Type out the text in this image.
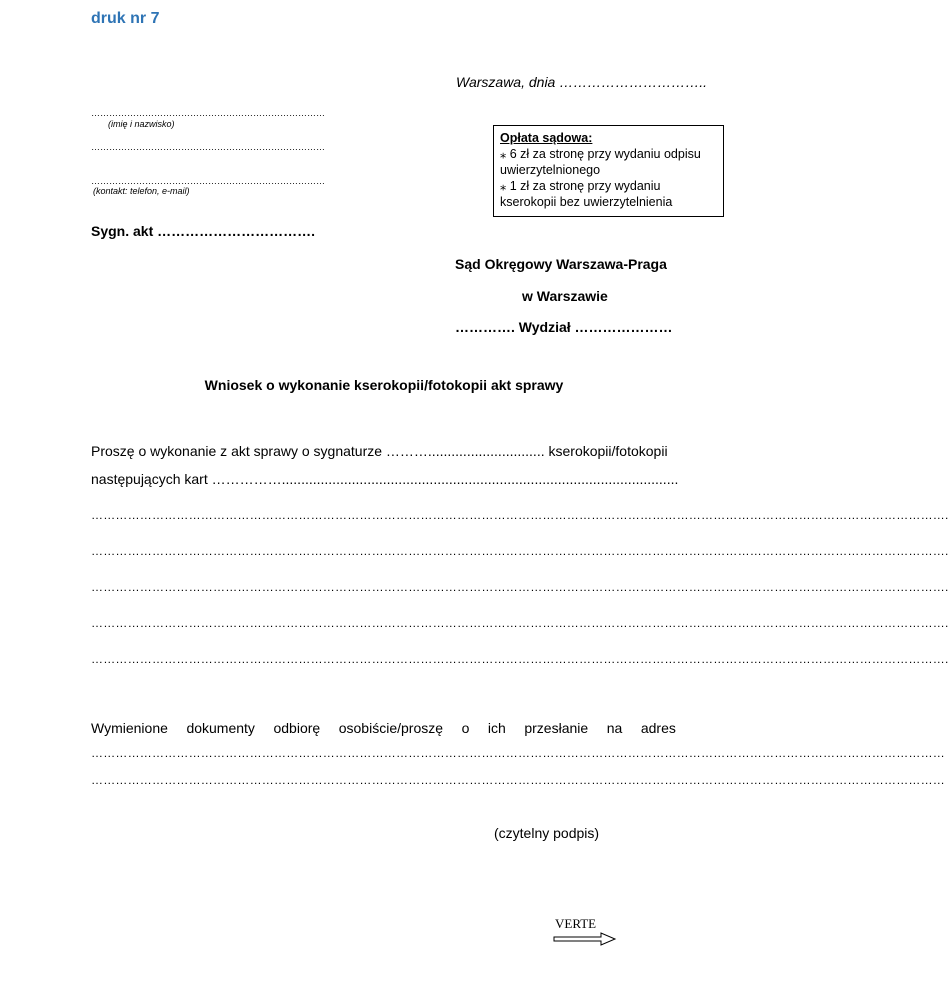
druk nr 7
Warszawa, dnia …………………………..
……………………………………………………………………
(imię i nazwisko)
……………………………………………………………………
……………………………………………………………………
(kontakt: telefon, e-mail)
Opłata sądowa:
⁎ 6 zł za stronę przy wydaniu odpisu uwierzytelnionego
⁎ 1 zł za stronę przy wydaniu kserokopii bez uwierzytelnienia
Sygn. akt …………………………….
Sąd Okręgowy Warszawa-Praga
w Warszawie
…………. Wydział …………………
Wniosek o wykonanie kserokopii/fotokopii akt sprawy
Proszę o wykonanie z akt sprawy o sygnaturze ……….............................. kserokopii/fotokopii
następujących kart ……………......................................................................................................
………………………………………………………………………………………………………………………………………………………………………………………….
………………………………………………………………………………………………………………………………………………………………………………………….
………………………………………………………………………………………………………………………………………………………………………………………….
………………………………………………………………………………………………………………………………………………………………………………………….
………………………………………………………………………………………………………………………………………………………………………………………….
Wymienione dokumenty odbiorę osobiście/proszę o ich przesłanie na adres
…………………………………………………………………………………………………………………………………………………………………………………………
…………………………………………………………………………………………………………………………………………………………………………………………
(czytelny podpis)
VERTE
